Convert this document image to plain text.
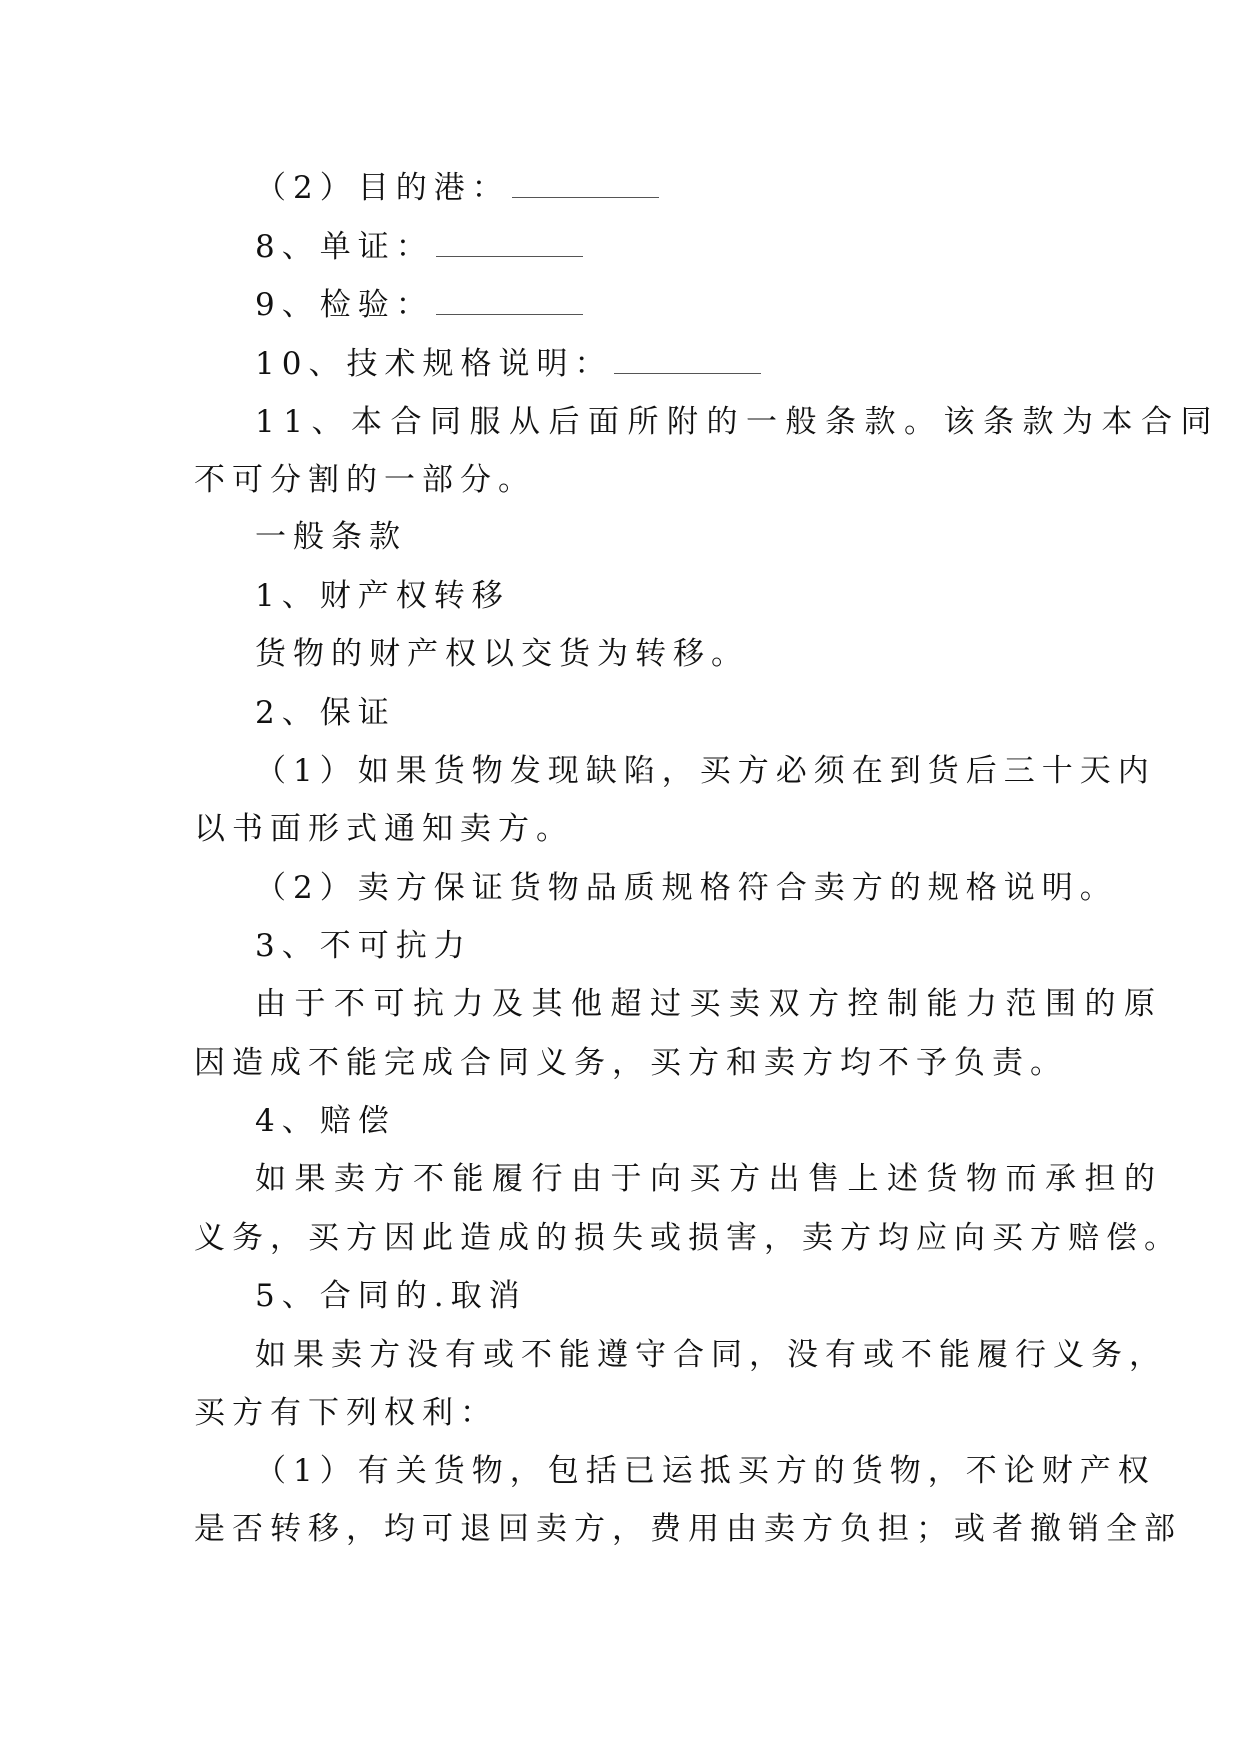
（2）目的港：
8、单证：
9、检验：
10、技术规格说明：
11、本合同服从后面所附的一般条款。该条款为本合同
不可分割的一部分。
一般条款
1、财产权转移
货物的财产权以交货为转移。
2、保证
（1）如果货物发现缺陷，买方必须在到货后三十天内
以书面形式通知卖方。
（2）卖方保证货物品质规格符合卖方的规格说明。
3、不可抗力
由于不可抗力及其他超过买卖双方控制能力范围的原
因造成不能完成合同义务，买方和卖方均不予负责。
4、赔偿
如果卖方不能履行由于向买方出售上述货物而承担的
义务，买方因此造成的损失或损害，卖方均应向买方赔偿。
5、合同的.取消
如果卖方没有或不能遵守合同，没有或不能履行义务，
买方有下列权利：
（1）有关货物，包括已运抵买方的货物，不论财产权
是否转移，均可退回卖方，费用由卖方负担；或者撤销全部
